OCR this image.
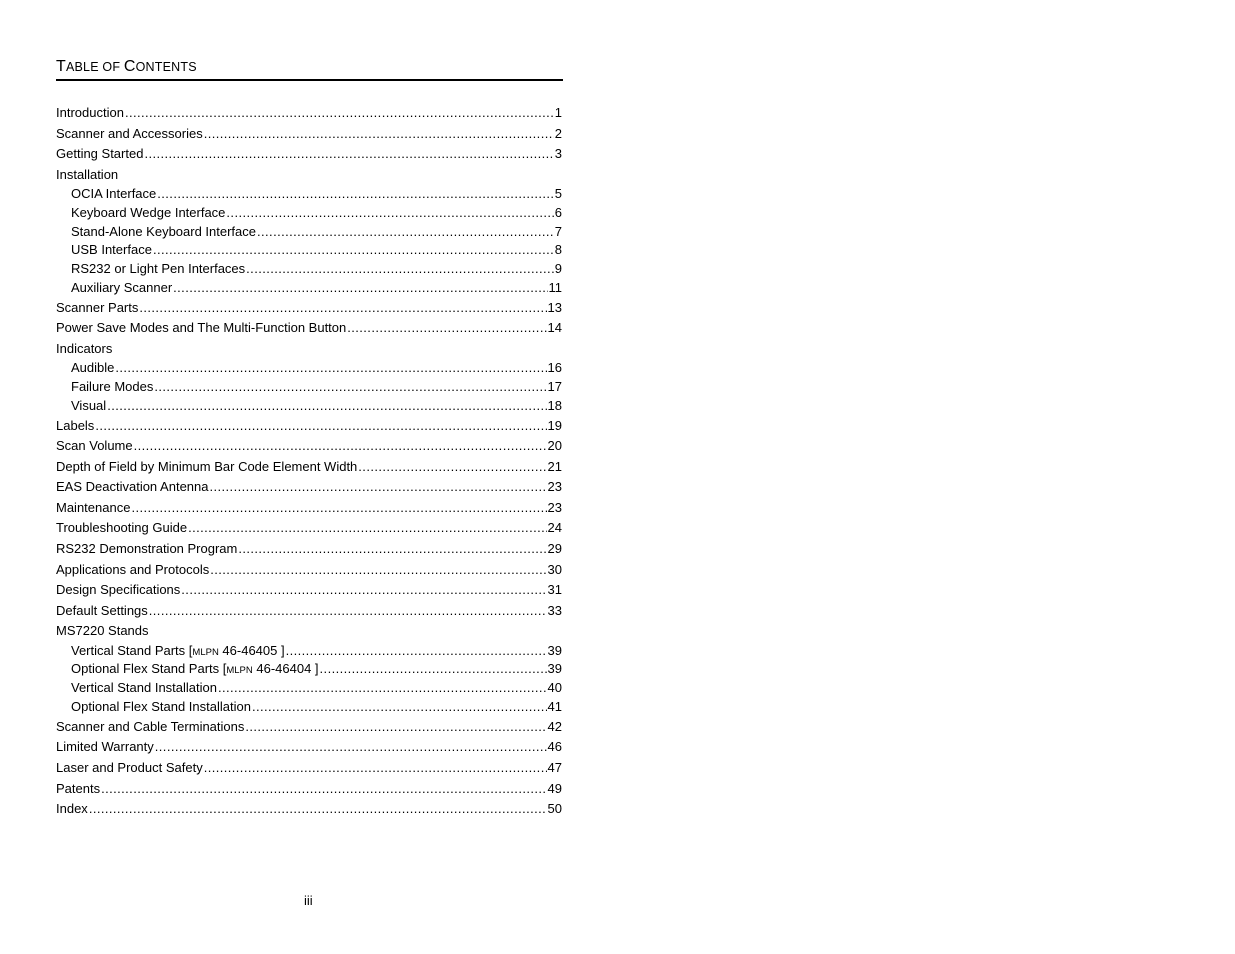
TABLE OF CONTENTS
Introduction .....	1
Scanner and Accessories .....	2
Getting Started .....	3
Installation
OCIA Interface .....	5
Keyboard Wedge Interface .....	6
Stand-Alone Keyboard Interface .....	7
USB Interface .....	8
RS232 or Light Pen Interfaces .....	9
Auxiliary Scanner .....	11
Scanner Parts .....	13
Power Save Modes and The Multi-Function Button .....	14
Indicators
Audible .....	16
Failure Modes .....	17
Visual .....	18
Labels .....	19
Scan Volume .....	20
Depth of Field by Minimum Bar Code Element Width .....	21
EAS Deactivation Antenna .....	23
Maintenance .....	23
Troubleshooting Guide .....	24
RS232 Demonstration Program .....	29
Applications and Protocols .....	30
Design Specifications .....	31
Default Settings .....	33
MS7220 Stands
Vertical Stand Parts [MLPN 46-46405 ] .....	39
Optional Flex Stand Parts [MLPN 46-46404 ] .....	39
Vertical Stand Installation .....	40
Optional Flex Stand Installation .....	41
Scanner and Cable Terminations .....	42
Limited Warranty .....	46
Laser and Product Safety .....	47
Patents .....	49
Index .....	50
iii
